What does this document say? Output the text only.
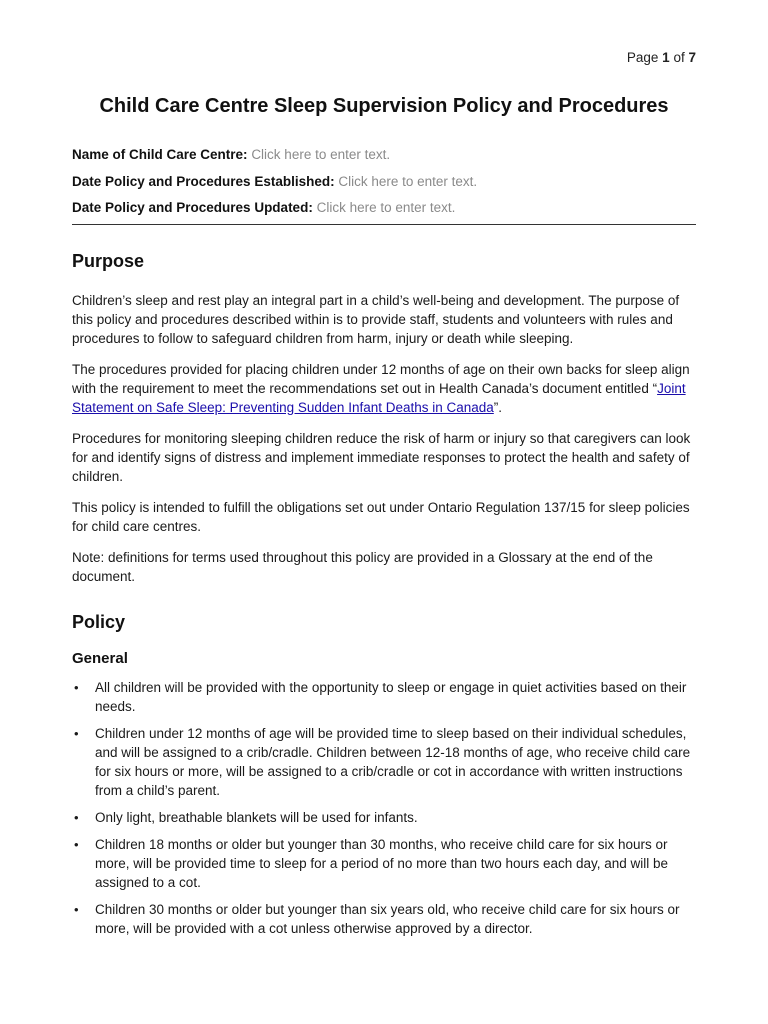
Page 1 of 7
Child Care Centre Sleep Supervision Policy and Procedures
Name of Child Care Centre: Click here to enter text.
Date Policy and Procedures Established: Click here to enter text.
Date Policy and Procedures Updated: Click here to enter text.
Purpose

Children’s sleep and rest play an integral part in a child’s well-being and development. The purpose of this policy and procedures described within is to provide staff, students and volunteers with rules and procedures to follow to safeguard children from harm, injury or death while sleeping.

The procedures provided for placing children under 12 months of age on their own backs for sleep align with the requirement to meet the recommendations set out in Health Canada’s document entitled “Joint Statement on Safe Sleep: Preventing Sudden Infant Deaths in Canada”.

Procedures for monitoring sleeping children reduce the risk of harm or injury so that caregivers can look for and identify signs of distress and implement immediate responses to protect the health and safety of children.

This policy is intended to fulfill the obligations set out under Ontario Regulation 137/15 for sleep policies for child care centres.

Note: definitions for terms used throughout this policy are provided in a Glossary at the end of the document.

Policy
General
• All children will be provided with the opportunity to sleep or engage in quiet activities based on their needs.
• Children under 12 months of age will be provided time to sleep based on their individual schedules, and will be assigned to a crib/cradle. Children between 12-18 months of age, who receive child care for six hours or more, will be assigned to a crib/cradle or cot in accordance with written instructions from a child’s parent.
• Only light, breathable blankets will be used for infants.
• Children 18 months or older but younger than 30 months, who receive child care for six hours or more, will be provided time to sleep for a period of no more than two hours each day, and will be assigned to a cot.
• Children 30 months or older but younger than six years old, who receive child care for six hours or more, will be provided with a cot unless otherwise approved by a director.
